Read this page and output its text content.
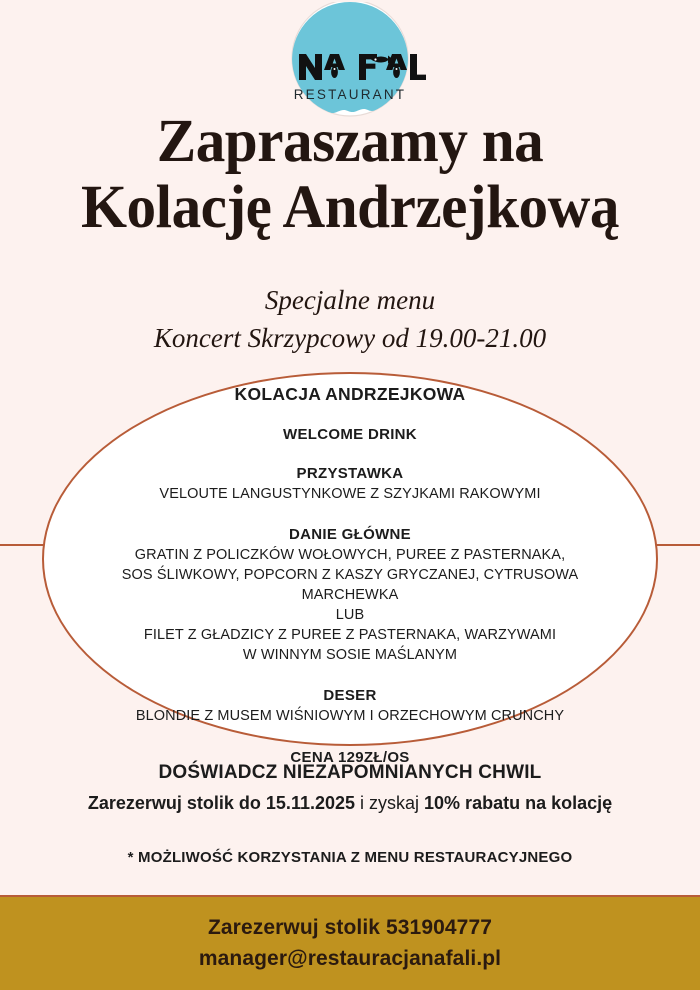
RESTAURANT
Zapraszamy na
Kolację Andrzejkową
Specjalne menu
Koncert Skrzypcowy od 19.00-21.00
KOLACJA ANDRZEJKOWA
WELCOME DRINK
PRZYSTAWKA
VELOUTE LANGUSTYNKOWE Z SZYJKAMI RAKOWYMI
DANIE GŁÓWNE
GRATIN Z POLICZKÓW WOŁOWYCH, PUREE Z PASTERNAKA,
SOS ŚLIWKOWY, POPCORN Z KASZY GRYCZANEJ, CYTRUSOWA
MARCHEWKA
LUB
FILET Z GŁADZICY Z PUREE Z PASTERNAKA, WARZYWAMI
W WINNYM SOSIE MAŚLANYM
DESER
BLONDIE Z MUSEM WIŚNIOWYM I ORZECHOWYM CRUNCHY
CENA 129ZŁ/OS
DOŚWIADCZ NIEZAPOMNIANYCH CHWIL
Zarezerwuj stolik do 15.11.2025 i zyskaj 10% rabatu na kolację
* MOŻLIWOŚĆ KORZYSTANIA Z MENU RESTAURACYJNEGO
Zarezerwuj stolik 531904777
manager@restauracjanafali.pl
